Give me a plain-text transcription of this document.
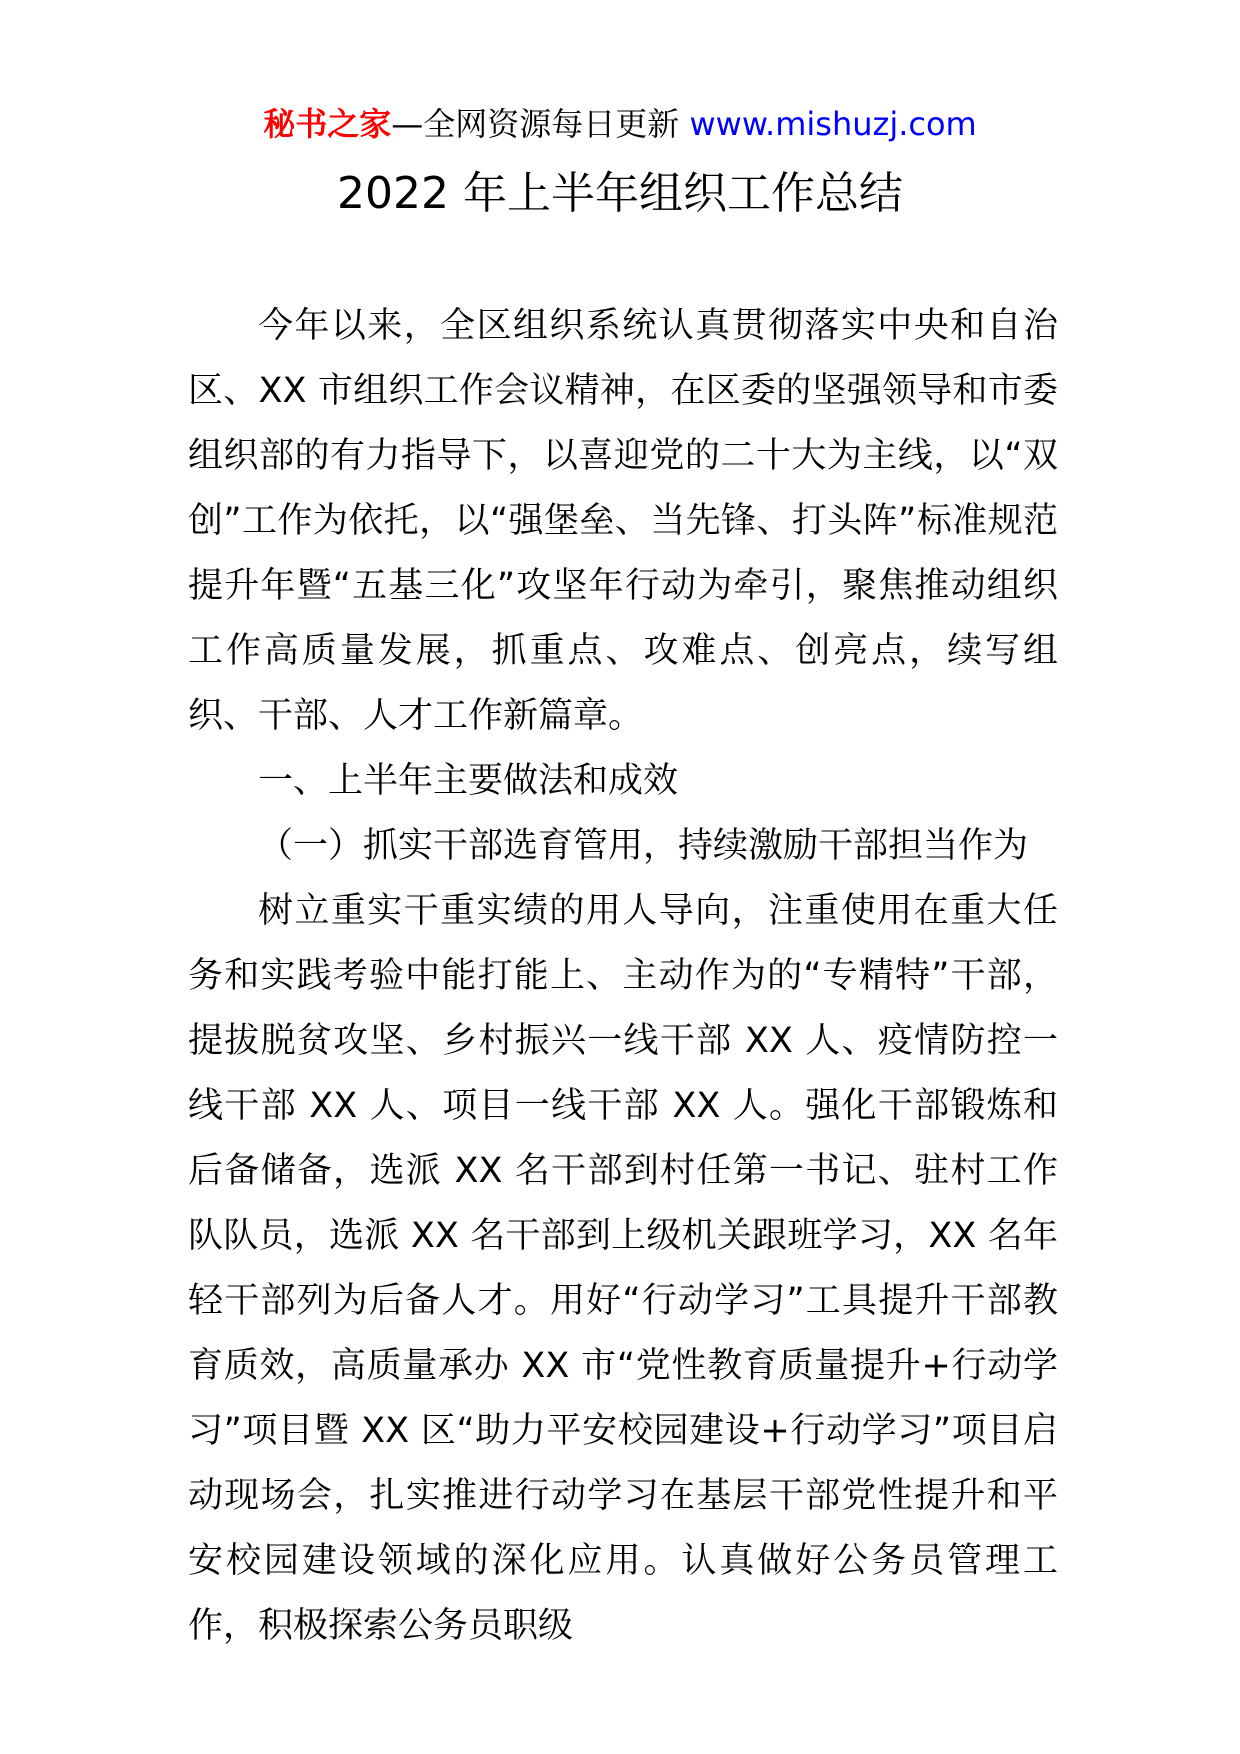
秘书之家—全网资源每日更新 www.mishuzj.com
2022 年上半年组织工作总结

今年以来，全区组织系统认真贯彻落实中央和自治区、XX 市组织工作会议精神，在区委的坚强领导和市委组织部的有力指导下，以喜迎党的二十大为主线，以“双创”工作为依托，以“强堡垒、当先锋、打头阵”标准规范提升年暨“五基三化”攻坚年行动为牵引，聚焦推动组织工作高质量发展，抓重点、攻难点、创亮点，续写组织、干部、人才工作新篇章。

一、上半年主要做法和成效

（一）抓实干部选育管用，持续激励干部担当作为

树立重实干重实绩的用人导向，注重使用在重大任务和实践考验中能打能上、主动作为的“专精特”干部，提拔脱贫攻坚、乡村振兴一线干部 XX 人、疫情防控一线干部 XX 人、项目一线干部 XX 人。强化干部锻炼和后备储备，选派 XX 名干部到村任第一书记、驻村工作队队员，选派 XX 名干部到上级机关跟班学习，XX 名年轻干部列为后备人才。用好“行动学习”工具提升干部教育质效，高质量承办 XX 市“党性教育质量提升+行动学习”项目暨 XX 区“助力平安校园建设+行动学习”项目启动现场会，扎实推进行动学习在基层干部党性提升和平安校园建设领域的深化应用。认真做好公务员管理工作，积极探索公务员职级
